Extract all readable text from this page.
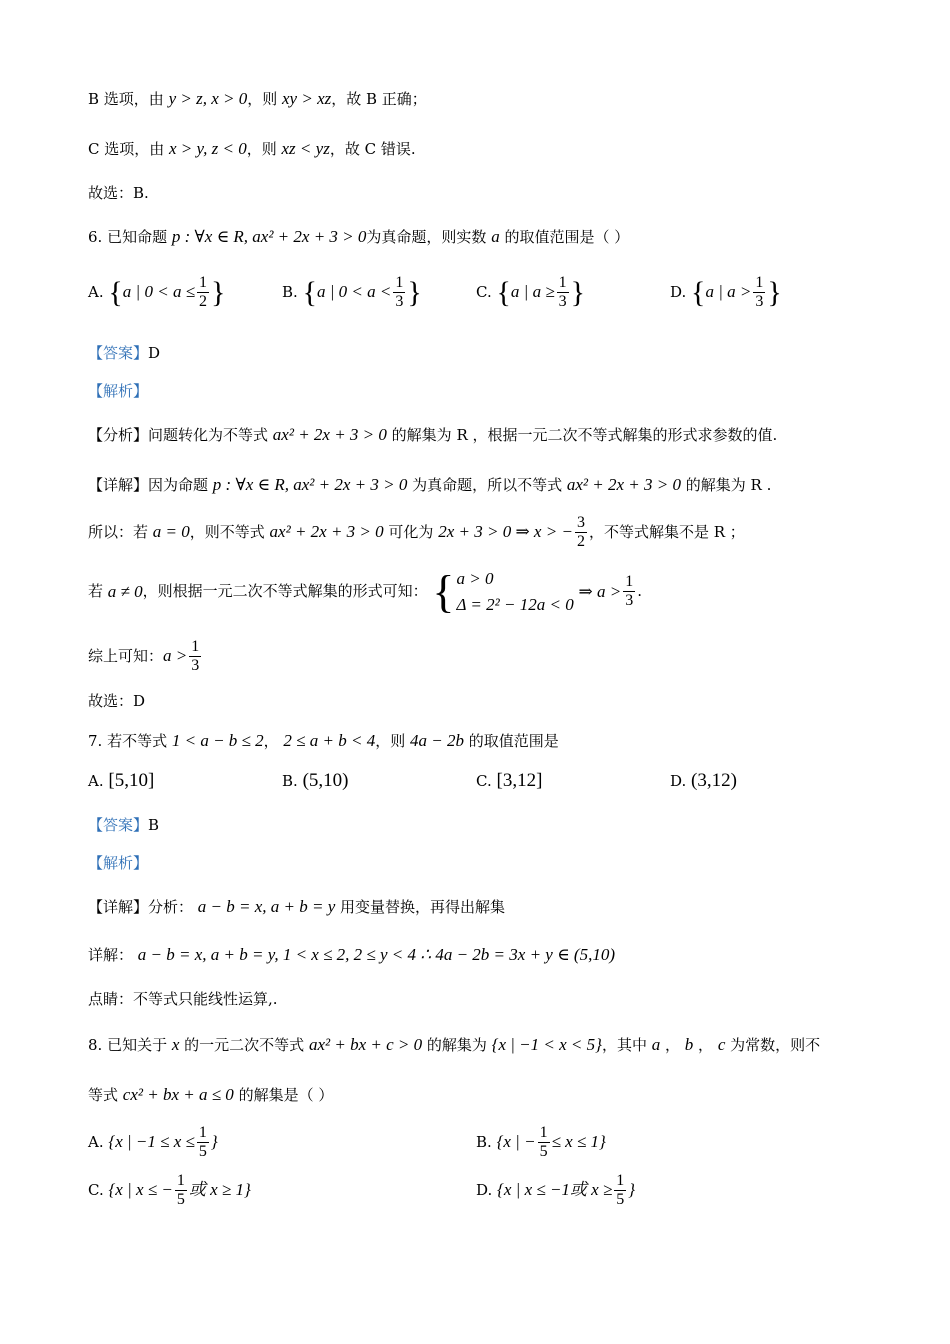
B 选项，由 y > z, x > 0，则 xy > xz，故 B 正确；
C 选项，由 x > y, z < 0，则 xz < yz，故 C 错误.
故选：B.
6. 已知命题 p : ∀x ∈ R, ax² + 2x + 3 > 0为真命题，则实数 a 的取值范围是（ ）
A. {a | $0 < a \le \frac{1}{2}$ }	B. {a | $0 < a < \frac{1}{3}$ }	C. {a | $a \ge \frac{1}{3}$ }	D. {a | $a > \frac{1}{3}$ }
【答案】D
【解析】
【分析】问题转化为不等式 ax² + 2x + 3 > 0 的解集为 R ，根据一元二次不等式解集的形式求参数的值.
【详解】因为命题 p : ∀x ∈ R, ax² + 2x + 3 > 0 为真命题，所以不等式 ax² + 2x + 3 > 0 的解集为 R .
所以：若 a = 0，则不等式 ax² + 2x + 3 > 0 可化为 2x + 3 > 0 ⇒ x > − $\frac{3}{2}$ ，不等式解集不是 R ；
若 a ≠ 0，则根据一元二次不等式解集的形式可知： { a > 0
Δ = 2² − 12a < 0
⇒ $a > \frac{1}{3}$ .
综上可知：$a > \frac{1}{3}$
故选：D
7. 若不等式 1 < a − b ≤ 2， 2 ≤ a + b < 4，则 4a − 2b 的取值范围是
A. [5,10]	B. (5,10)	C. [3,12]	D. (3,12)
【答案】B
【解析】
【详解】分析： a − b = x, a + b = y 用变量替换，再得出解集
详解： a − b = x, a + b = y, 1 < x ≤ 2, 2 ≤ y < 4 ∴ 4a − 2b = 3x + y ∈ (5,10)
点睛：不等式只能线性运算,.
8. 已知关于 x 的一元二次不等式 ax² + bx + c > 0 的解集为 {x | −1 < x < 5}，其中 a ， b ， c 为常数，则不
等式 cx² + bx + a ≤ 0 的解集是（ ）
A. {x | $-1 \le x \le \frac{1}{5}$ }	B. {x | − $\frac{1}{5} \le x \le 1$}
C. {x | x ≤ − $\frac{1}{5}$ 或 x ≥ 1}	D. {x | x ≤ −1或 $x \ge \frac{1}{5}$ }
